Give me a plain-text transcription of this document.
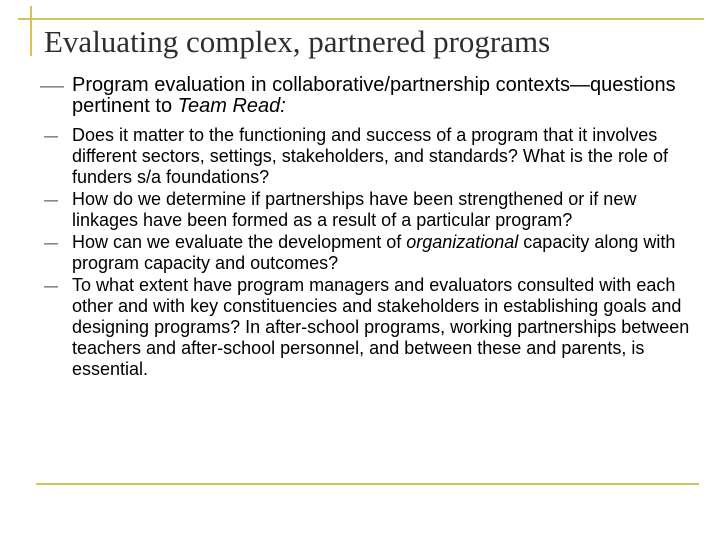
Evaluating complex, partnered programs
Program evaluation in collaborative/partnership contexts—questions pertinent to Team Read:
Does it matter to the functioning and success of a program that it involves different sectors, settings, stakeholders, and standards? What is the role of funders s/a foundations?
How do we determine if partnerships have been strengthened or if new linkages have been formed as a result of a particular program?
How can we evaluate the development of organizational capacity along with program capacity and outcomes?
To what extent have program managers and evaluators consulted with each other and with key constituencies and stakeholders in establishing goals and designing programs? In after-school programs, working partnerships between teachers and after-school personnel, and between these and parents, is essential.
